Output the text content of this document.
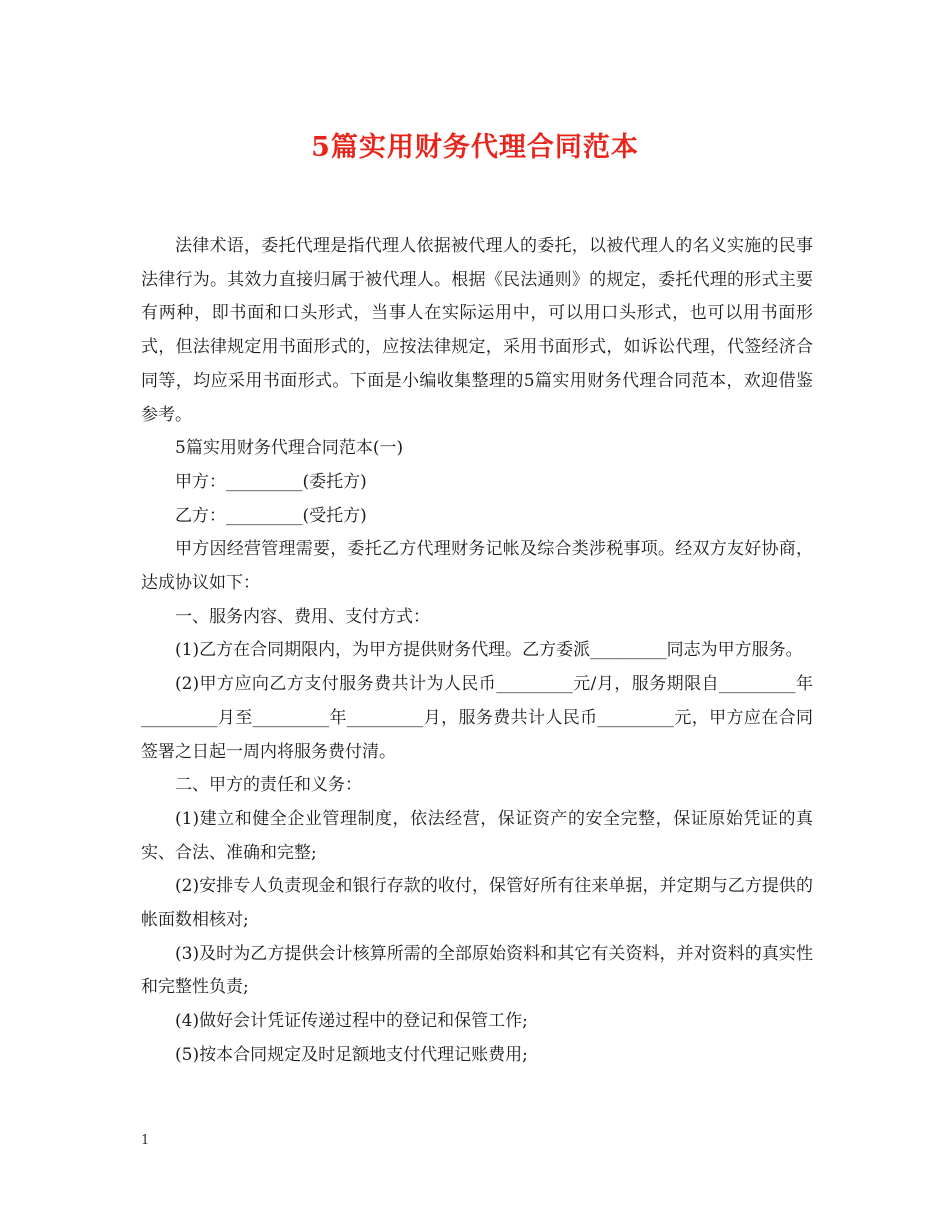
5篇实用财务代理合同范本

法律术语，委托代理是指代理人依据被代理人的委托，以被代理人的名义实施的民事法律行为。其效力直接归属于被代理人。根据《民法通则》的规定，委托代理的形式主要有两种，即书面和口头形式，当事人在实际运用中，可以用口头形式，也可以用书面形式，但法律规定用书面形式的，应按法律规定，采用书面形式，如诉讼代理，代签经济合同等，均应采用书面形式。下面是小编收集整理的5篇实用财务代理合同范本，欢迎借鉴参考。

5篇实用财务代理合同范本(一)

甲方：_________(委托方)

乙方：_________(受托方)

甲方因经营管理需要，委托乙方代理财务记帐及综合类涉税事项。经双方友好协商，达成协议如下：

一、服务内容、费用、支付方式：

(1)乙方在合同期限内，为甲方提供财务代理。乙方委派_________同志为甲方服务。

(2)甲方应向乙方支付服务费共计为人民币_________元/月，服务期限自_________年_________月至_________年_________月，服务费共计人民币_________元，甲方应在合同签署之日起一周内将服务费付清。

二、甲方的责任和义务：

(1)建立和健全企业管理制度，依法经营，保证资产的安全完整，保证原始凭证的真实、合法、准确和完整;

(2)安排专人负责现金和银行存款的收付，保管好所有往来单据，并定期与乙方提供的帐面数相核对;

(3)及时为乙方提供会计核算所需的全部原始资料和其它有关资料，并对资料的真实性和完整性负责;

(4)做好会计凭证传递过程中的登记和保管工作;

(5)按本合同规定及时足额地支付代理记账费用;

1
